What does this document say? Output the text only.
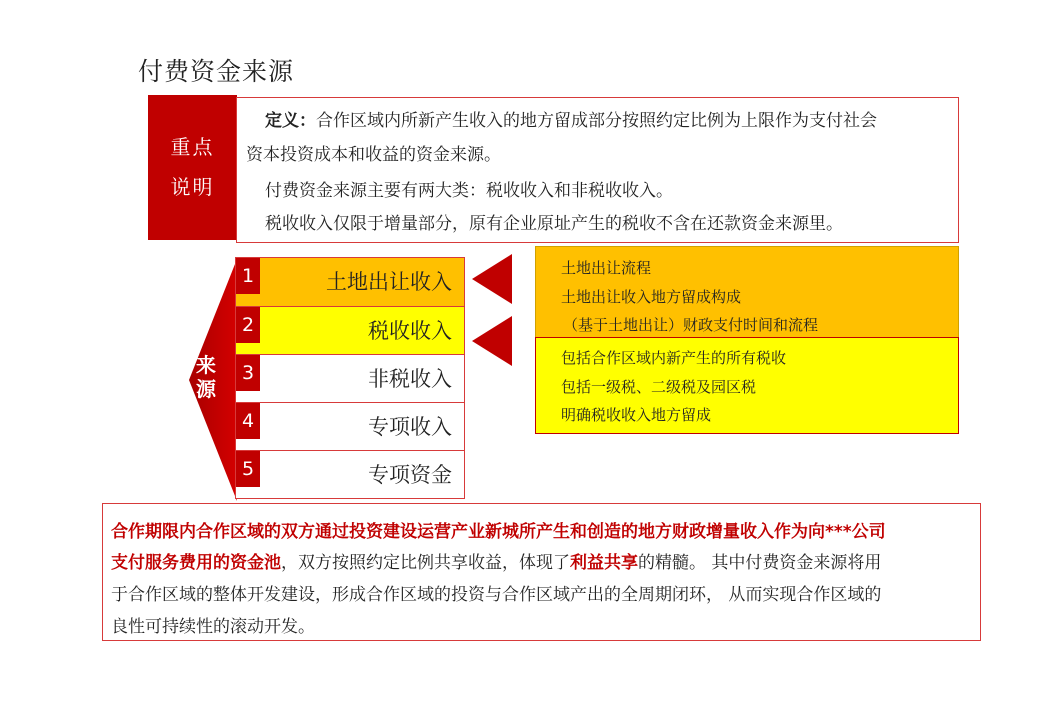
付费资金来源
重点
说明
定义：合作区域内所新产生收入的地方留成部分按照约定比例为上限作为支付社会
资本投资成本和收益的资金来源。
付费资金来源主要有两大类：税收收入和非税收收入。
税收收入仅限于增量部分，原有企业原址产生的税收不含在还款资金来源里。
来
源
1	土地出让收入
2	税收收入
3	非税收入
4	专项收入
5	专项资金
土地出让流程
土地出让收入地方留成构成
（基于土地出让）财政支付时间和流程
包括合作区域内新产生的所有税收
包括一级税、二级税及园区税
明确税收收入地方留成
合作期限内合作区域的双方通过投资建设运营产业新城所产生和创造的地方财政增量收入作为向***公司
支付服务费用的资金池，双方按照约定比例共享收益，体现了利益共享的精髓。 其中付费资金来源将用
于合作区域的整体开发建设，形成合作区域的投资与合作区域产出的全周期闭环， 从而实现合作区域的
良性可持续性的滚动开发。
